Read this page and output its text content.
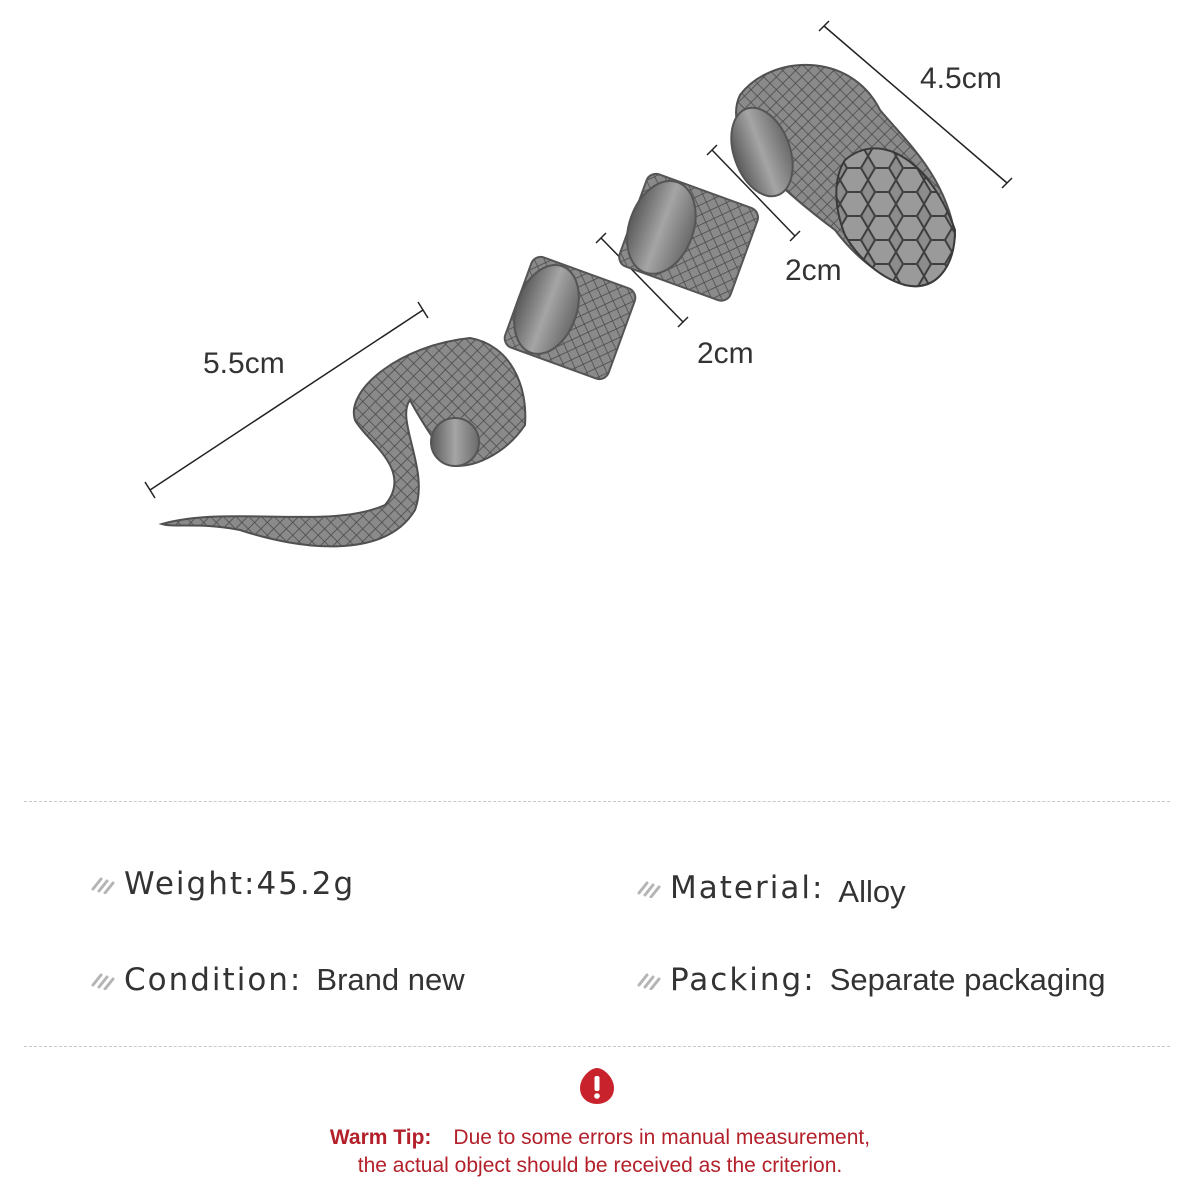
5.5cm	2cm
2cm
4.5cm
Weight: 45.2g	Material: Alloy
Condition: Brand new	Packing: Separate packaging
Warm Tip: Due to some errors in manual measurement,
the actual object should be received as the criterion.
